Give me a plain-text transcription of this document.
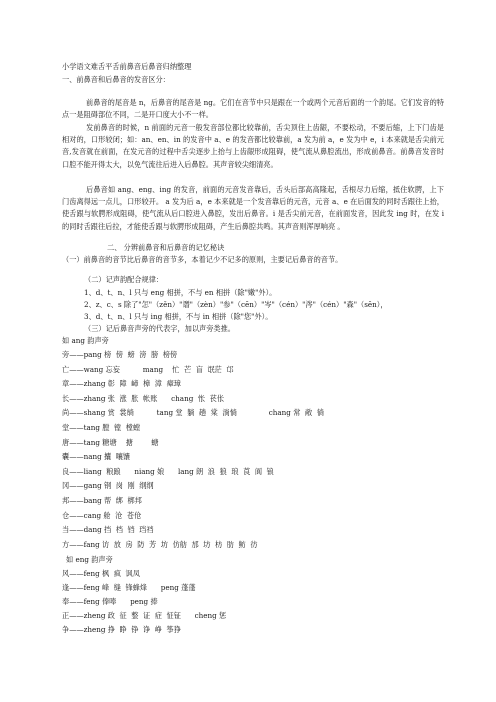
小学语文难舌平舌前鼻音后鼻音归纳整理
一、前鼻音和后鼻音的发音区分：
前鼻音的尾音是 n，后鼻音的尾音是 ng。它们在音节中只是跟在一个或两个元音后面的一个韵尾。它们发音的特点一是阻碍部位不同，二是开口度大小不一样。
发前鼻音的时候，n 前面的元音一般发音部位都比较靠前，舌尖顶住上齿龈，不要松动，不要后缩，上下门齿是相对的，口形较闭；如：an、en、in 的发音中 a、e 的发音都比较靠前，a 发为前 a，e 发为中 e，i 本来就是舌尖前元音,发音就在前面，在发元音的过程中舌尖逐步上抬与上齿龈形成阻碍，使气流从鼻腔流出，形成前鼻音。前鼻音发音时口腔不能开得太大，以免气流往后进入后鼻腔。其声音较尖细清亮。
后鼻音如 ang、eng、ing 的发音，前面的元音发音靠后，舌头后部高高隆起，舌根尽力后缩，抵住软腭，上下门齿离得远一点儿，口形较开。 a 发为后 a，e 本来就是一个发音靠后的元音，元音 a、e 在后面发的同时舌跟往上抬，使舌跟与软腭形成阻碍，使气流从后口腔进入鼻腔，发出后鼻音。i 是舌尖前元音，在前面发音，因此发 ing 时，在发 i 的同时舌跟往后拉，才能使舌跟与软腭形成阻碍，产生后鼻腔共鸣。其声音则浑厚响亮 。
二、 分辨前鼻音和后鼻音的记忆秘诀
（一）前鼻音的音节比后鼻音的音节多，本着记少不记多的原则，主要记后鼻音的音节。
（二）记声韵配合规律：
1、d、t、n、l 只与 eng 相拼，不与 en 相拼（除"嫩"外）。
2、z、c、s 除了"怎"（zěn）"谮"（zèn）"参"（cēn）"岑"（cén）"涔"（cén）"森"（sēn），
3、d、t、n、l 只与 ing 相拼，不与 in 相拼（除"您"外）。
（三）记后鼻音声旁的代表字，加以声旁类推。
如 ang 韵声旁
旁——pang 榜  傍  螃  滂  膀  榜傍
亡——wang 忘妄          mang    忙  芒  盲  氓茫  邙
章——zhang 彰  障  嶂  樟  漳  瘴璋
长——zhang 张  涨  胀  帐账      chang  怅  苌伥
尚——shang 赏  裳绱          tang 堂  躺  趟  棠  淌惝              chang 常  敞  徜
堂——tang 膛  镗  樘螳
唐——tang 糖塘    搪        螗
囊——nang 攮  嚷馕
良——liang  粮踉      niang 娘      lang 朗  浪  狼  琅  莨  阆  锒
冈——gang 钢  岗  刚  纲纲
邦——bang 帮  绑  梆邦
仓——cang 舱  沧  苍伧
当——dang 挡  档  铛  珰裆
方——fang 访  放  房  防  芳  坊  仿舫  邡  坊  枋  肪  鲂  彷
如 eng 韵声旁
风——feng 枫  疯  讽凤
逢——feng 峰  缝  锋蜂烽      peng 蓬蓬
奉——feng 俸唪      peng 捧
正——zheng 政  征  整  证  症  怔钲      cheng 惩
争——zheng 挣  睁  铮  诤  峥  筝狰
